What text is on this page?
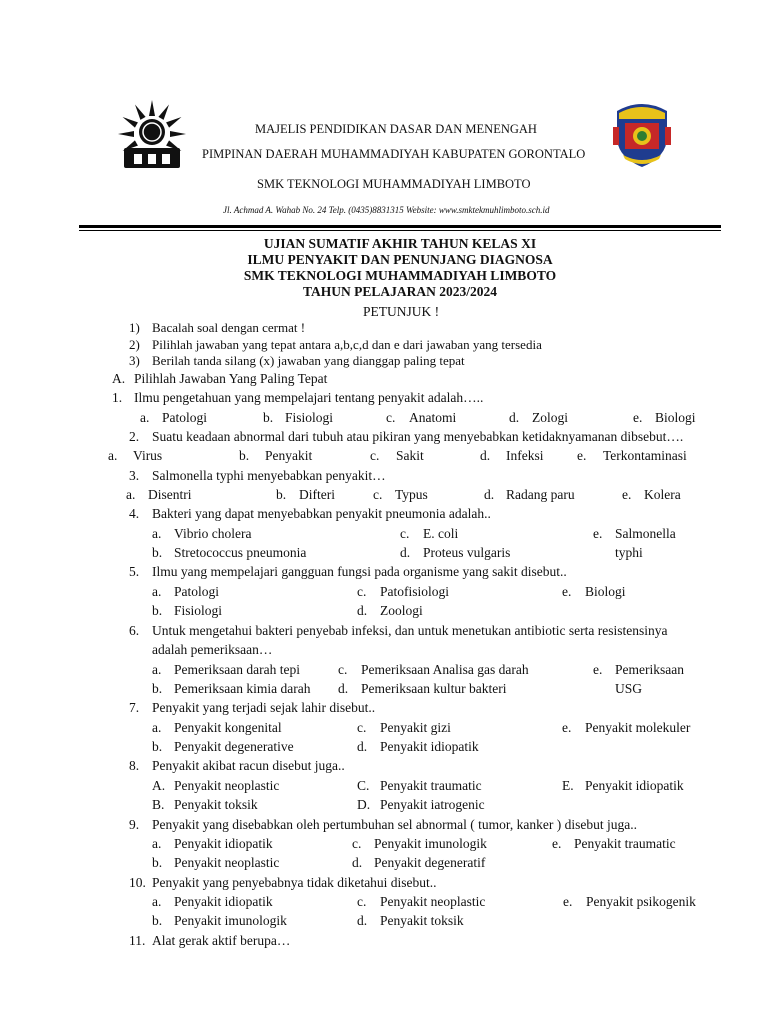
MAJELIS PENDIDIKAN DASAR DAN MENENGAH
PIMPINAN DAERAH MUHAMMADIYAH KABUPATEN GORONTALO
SMK TEKNOLOGI MUHAMMADIYAH LIMBOTO
Jl. Achmad A. Wahab No. 24 Telp. (0435)8831315 Website: www.smktekmuhlimboto.sch.id
UJIAN SUMATIF AKHIR TAHUN KELAS XI
ILMU PENYAKIT DAN PENUNJANG DIAGNOSA
SMK TEKNOLOGI MUHAMMADIYAH LIMBOTO
TAHUN PELAJARAN 2023/2024
PETUNJUK !
1) Bacalah soal dengan cermat !
2) Pilihlah jawaban yang tepat antara a,b,c,d dan e dari jawaban yang tersedia
3) Berilah tanda silang (x) jawaban yang dianggap paling tepat
A. Pilihlah Jawaban Yang Paling Tepat
1. Ilmu pengetahuan yang mempelajari tentang penyakit adalah…..
a. Patologi	b. Fisiologi	c. Anatomi	d. Zologi	e. Biologi
2. Suatu keadaan abnormal dari tubuh atau pikiran yang menyebabkan ketidaknyamanan dibsebut….
a. Virus	b. Penyakit	c. Sakit	d. Infeksi e. Terkontaminasi
3. Salmonella typhi menyebabkan penyakit…
a. Disentri	b. Difteri	c. Typus	d. Radang paru	e. Kolera
4. Bakteri yang dapat menyebabkan penyakit pneumonia adalah..
a. Vibrio cholera
b. Stretococcus pneumonia
c. E. coli
d. Proteus vulgaris
e. Salmonella
typhi
5. Ilmu yang mempelajari gangguan fungsi pada organisme yang sakit disebut..
a. Patologi
b. Fisiologi
c. Patofisiologi
d. Zoologi
e. Biologi
6. Untuk mengetahui bakteri penyebab infeksi, dan untuk menetukan antibiotic serta resistensinya
adalah pemeriksaan…
a. Pemeriksaan darah tepi
b. Pemeriksaan kimia darah
c. Pemeriksaan Analisa gas darah
d. Pemeriksaan kultur bakteri
e. Pemeriksaan
USG
7. Penyakit yang terjadi sejak lahir disebut..
a. Penyakit kongenital
b. Penyakit degenerative
c. Penyakit gizi
d. Penyakit idiopatik
e. Penyakit molekuler
8. Penyakit akibat racun disebut juga..
A. Penyakit neoplastic
B. Penyakit toksik
C. Penyakit traumatic
D. Penyakit iatrogenic
E. Penyakit idiopatik
9. Penyakit yang disebabkan oleh pertumbuhan sel abnormal ( tumor, kanker ) disebut juga..
a. Penyakit idiopatik
b. Penyakit neoplastic
c. Penyakit imunologik
d. Penyakit degeneratif
e. Penyakit traumatic
10. Penyakit yang penyebabnya tidak diketahui disebut..
a. Penyakit idiopatik
b. Penyakit imunologik
c. Penyakit neoplastic
d. Penyakit toksik
e. Penyakit psikogenik
11. Alat gerak aktif berupa…
